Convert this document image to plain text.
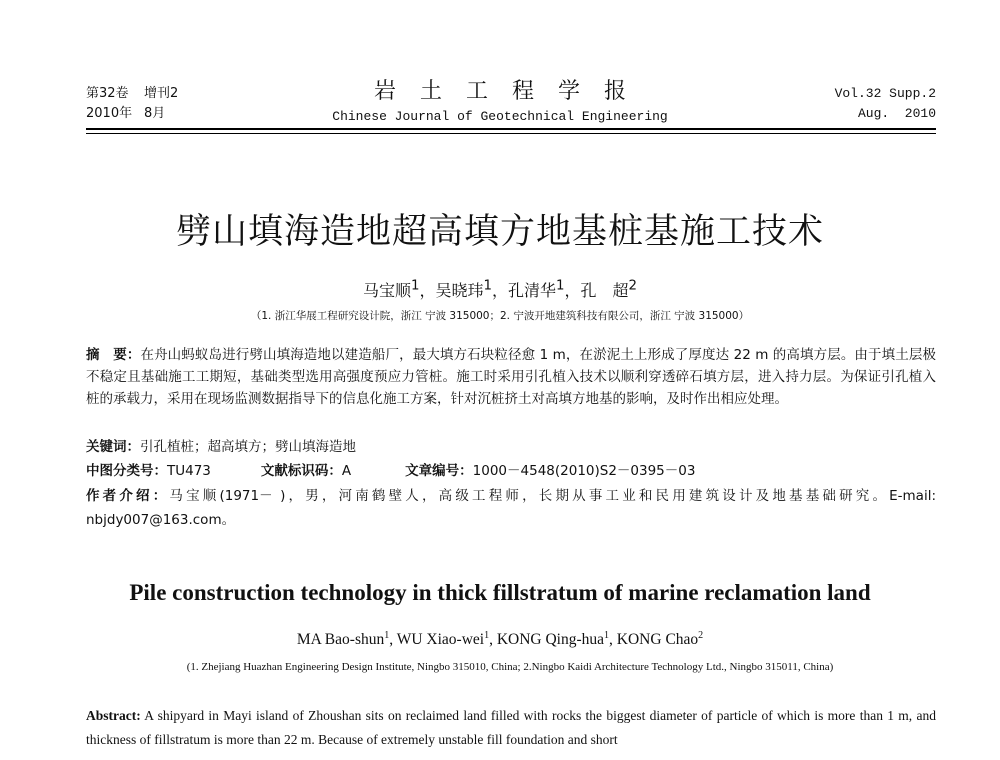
第32卷 增刊2
2010年 8月
岩土工程学报
Chinese Journal of Geotechnical Engineering
Vol.32 Supp.2
Aug.  2010
劈山填海造地超高填方地基桩基施工技术
马宝顺$^1$，吴晓玮$^1$，孔清华$^1$，孔　超$^2$
（1. 浙江华展工程研究设计院，浙江 宁波 315000；2. 宁波开地建筑科技有限公司，浙江 宁波 315000）
摘　要：在舟山蚂蚁岛进行劈山填海造地以建造船厂，最大填方石块粒径愈 1 m，在淤泥土上形成了厚度达 22 m 的高填方层。由于填土层极不稳定且基础施工工期短，基础类型选用高强度预应力管桩。施工时采用引孔植入技术以顺利穿透碎石填方层，进入持力层。为保证引孔植入桩的承载力，采用在现场监测数据指导下的信息化施工方案，针对沉桩挤土对高填方地基的影响，及时作出相应处理。
关键词：引孔植桩；超高填方；劈山填海造地
中图分类号：TU473	文献标识码：A	文章编号：1000－4548(2010)S2－0395－03
作者介绍：马宝顺(1971－ )，男，河南鹤壁人，高级工程师，长期从事工业和民用建筑设计及地基基础研究。E-mail: nbjdy007@163.com。
Pile construction technology in thick fillstratum of marine reclamation land
MA Bao-shun$^1$, WU Xiao-wei$^1$, KONG Qing-hua$^1$, KONG Chao$^2$
(1. Zhejiang Huazhan Engineering Design Institute, Ningbo 315010, China; 2.Ningbo Kaidi Architecture Technology Ltd., Ningbo 315011, China)
Abstract: A shipyard in Mayi island of Zhoushan sits on reclaimed land filled with rocks the biggest diameter of particle of which is more than 1 m, and thickness of fillstratum is more than 22 m. Because of extremely unstable fill foundation and short
